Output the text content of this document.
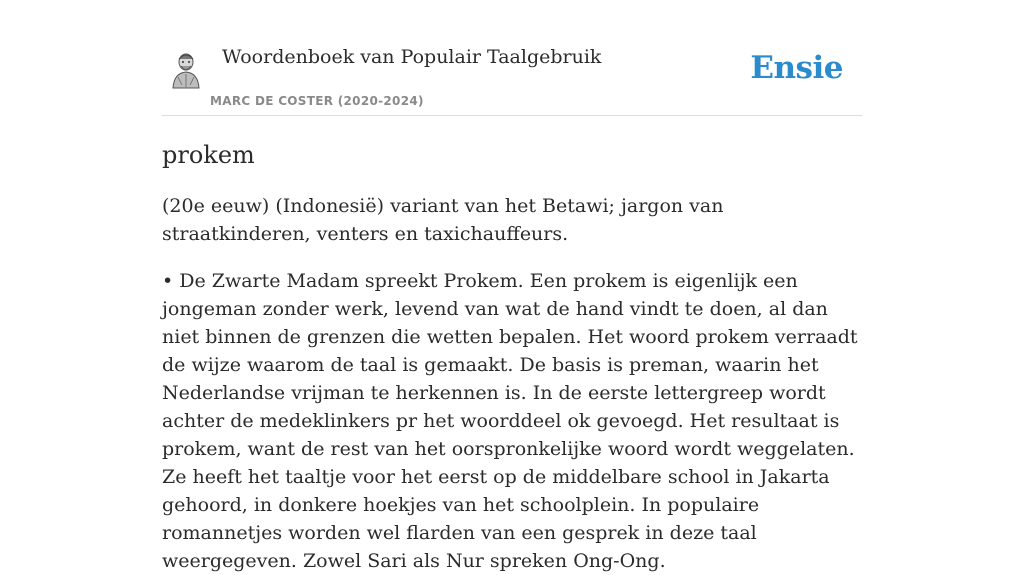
Woordenboek van Populair Taalgebruik
MARC DE COSTER (2020-2024)
Ensie
prokem

(20e eeuw) (Indonesië) variant van het Betawi; jargon van straatkinderen, venters en taxichauffeurs.

• De Zwarte Madam spreekt Prokem. Een prokem is eigenlijk een jongeman zonder werk, levend van wat de hand vindt te doen, al dan niet binnen de grenzen die wetten bepalen. Het woord prokem verraadt de wijze waarom de taal is gemaakt. De basis is preman, waarin het Nederlandse vrijman te herkennen is. In de eerste lettergreep wordt achter de medeklinkers pr het woorddeel ok gevoegd. Het resultaat is prokem, want de rest van het oorspronkelijke woord wordt weggelaten. Ze heeft het taaltje voor het eerst op de middelbare school in Jakarta gehoord, in donkere hoekjes van het schoolplein. In populaire romannetjes worden wel flarden van een gesprek in deze taal weergegeven. Zowel Sari als Nur spreken Ong-Ong.
